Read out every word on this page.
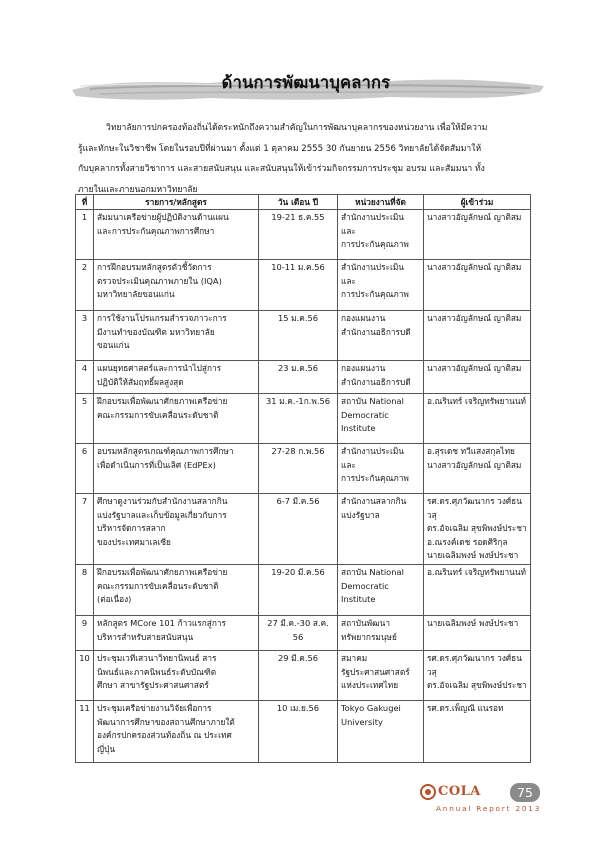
ด้านการพัฒนาบุคลากร

วิทยาลัยการปกครองท้องถิ่นได้ตระหนักถึงความสำคัญในการพัฒนาบุคลากรของหน่วยงาน เพื่อให้มีความ

รู้และทักษะในวิชาชีพ โดยในรอบปีที่ผ่านมา ตั้งแต่ 1 ตุลาคม 2555 30 กันยายน 2556 วิทยาลัยได้จัดสัมมาให้
กับบุคลากรทั้งสายวิชาการ และสายสนับสนุน และสนับสนุนให้เข้าร่วมกิจกรรมการประชุม อบรม และสัมมนา ทั้ง
ภายในและภายนอกมหาวิทยาลัย
ที่	รายการ/หลักสูตร	วัน เดือน ปี	หน่วยงานที่จัด	ผู้เข้าร่วม
1	สัมมนาเครือข่ายผู้ปฏิบัติงานด้านแผน
และการประกันคุณภาพการศึกษา	19-21 ธ.ค.55	สำนักงานประเมิน
และ
การประกันคุณภาพ	นางสาวอัญลักษณ์ ญาติสม
2	การฝึกอบรมหลักสูตรตัวชี้วัดการ
ตรวจประเมินคุณภาพภายใน (IQA)
มหาวิทยาลัยขอนแก่น	10-11 ม.ค.56	สำนักงานประเมิน
และ
การประกันคุณภาพ	นางสาวอัญลักษณ์ ญาติสม
3	การใช้งานโปรแกรมสำรวจภาวะการ
มีงานทำของบัณฑิต มหาวิทยาลัย
ขอนแก่น	15 ม.ค.56	กองแผนงาน
สำนักงานอธิการบดี	นางสาวอัญลักษณ์ ญาติสม
4	แผนยุทธศาสตร์และการนำไปสู่การ
ปฏิบัติให้สัมฤทธิ์ผลสูงสุด	23 ม.ค.56	กองแผนงาน
สำนักงานอธิการบดี	นางสาวอัญลักษณ์ ญาติสม
5	ฝึกอบรมเพื่อพัฒนาศักยภาพเครือข่าย
คณะกรรมการขับเคลื่อนระดับชาติ	31 ม.ค.-1ก.พ.56	สถาบัน National
Democratic
Institute	อ.ณรินทร์ เจริญทรัพยานนท์
6	อบรมหลักสูตรเกณฑ์คุณภาพการศึกษา
เพื่อดำเนินการที่เป็นเลิศ (EdPEx)	27-28 ก.พ.56	สำนักงานประเมิน
และ
การประกันคุณภาพ	อ.สุรเดช ทวีแสงสกุลไทย
นางสาวอัญลักษณ์ ญาติสม
7	ศึกษาดูงานร่วมกับสำนักงานสลากกิน
แบ่งรัฐบาลและเก็บข้อมูลเกี่ยวกับการ
บริหารจัดการสลาก
ของประเทศมาเลเซีย	6-7 มี.ค.56	สำนักงานสลากกิน
แบ่งรัฐบาล	รศ.ดร.ศุภวัฒนากร วงศ์ธนวสุ
ดร.อัจเฉลิม สุขพิพงษ์ประชา
อ.ณรงค์เดช รอดศิริกุล
นายเฉลิมพงษ์ พงษ์ประชา
8	ฝึกอบรมเพื่อพัฒนาศักยภาพเครือข่าย
คณะกรรมการขับเคลื่อนระดับชาติ
(ต่อเนื่อง)	19-20 มี.ค.56	สถาบัน National
Democratic
Institute	อ.ณรินทร์ เจริญทรัพยานนท์
9	หลักสูตร MCore 101 ก้าวแรกสู่การ
บริหารสำหรับสายสนับสนุน	27 มี.ค.-30 ส.ค. 56	สถาบันพัฒนา
ทรัพยากรมนุษย์	นายเฉลิมพงษ์ พงษ์ประชา
10	ประชุมเวทีเสวนาวิทยานิพนธ์ สาร
นิพนธ์และภาคนิพนธ์ระดับบัณฑิต
ศึกษา สาขารัฐประศาสนศาสตร์	29 มี.ค.56	สมาคม
รัฐประศาสนศาสตร์
แห่งประเทศไทย	รศ.ดร.ศุภวัฒนากร วงศ์ธนวสุ
ดร.อัจเฉลิม สุขพิพงษ์ประชา
11	ประชุมเครือข่ายงานวิจัยเพื่อการ
พัฒนาการศึกษาของสถานศึกษาภายใต้
องค์กรปกครองส่วนท้องถิ่น ณ ประเทศ
ญี่ปุ่น	10 เม.ย.56	Tokyo Gakugei
University	รศ.ดร.เพ็ญณี แนรอท
COLA	75
Annual Report 2013
